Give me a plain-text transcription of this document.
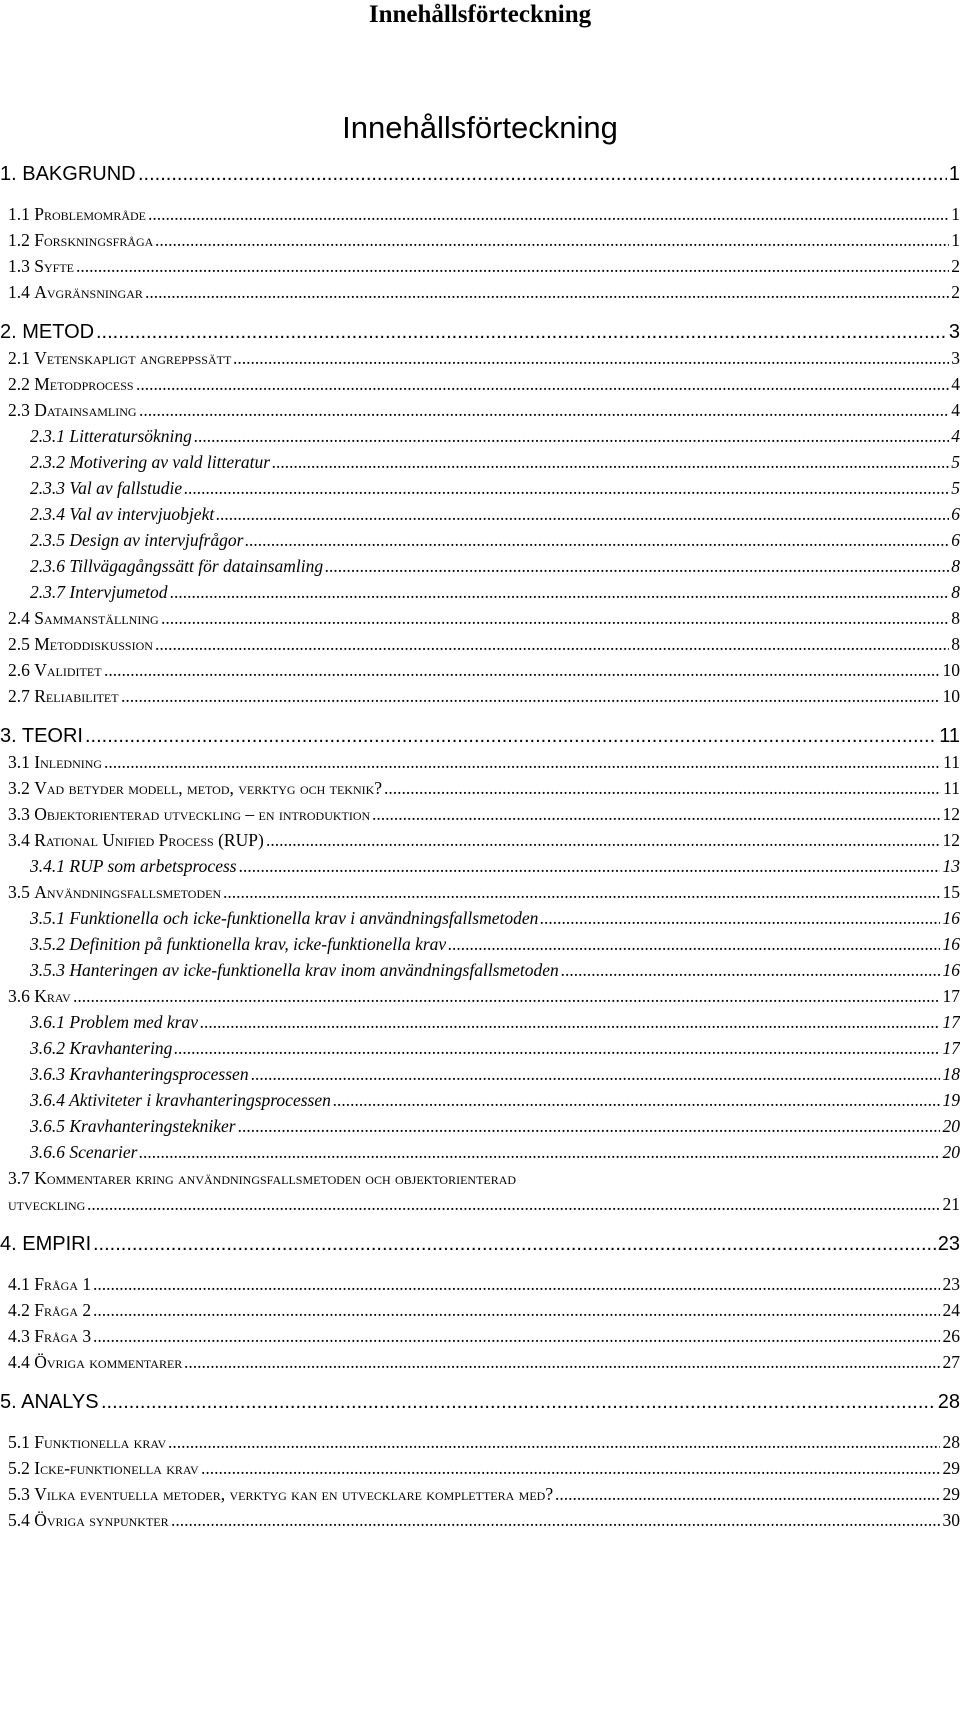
Innehållsförteckning
Innehållsförteckning
1. BAKGRUND .....	1
1.1 Problemområde .....	1
1.2 Forskningsfråga .....	1
1.3 Syfte .....	2
1.4 Avgränsningar .....	2
2. METOD .....	3
2.1 Vetenskapligt angreppssätt .....	3
2.2 Metodprocess .....	4
2.3 Datainsamling .....	4
2.3.1 Litteratursökning .....	4
2.3.2 Motivering av vald litteratur .....	5
2.3.3 Val av fallstudie .....	5
2.3.4 Val av intervjuobjekt .....	6
2.3.5 Design av intervjufrågor .....	6
2.3.6 Tillvägagångssätt för datainsamling .....	8
2.3.7 Intervjumetod .....	8
2.4 Sammanställning .....	8
2.5 Metoddiskussion .....	8
2.6 Validitet .....	10
2.7 Reliabilitet .....	10
3. TEORI .....	11
3.1 Inledning .....	11
3.2 Vad betyder modell, metod, verktyg och teknik? .....	11
3.3 Objektorienterad utveckling – en introduktion .....	12
3.4 Rational Unified Process (RUP) .....	12
3.4.1 RUP som arbetsprocess .....	13
3.5 Användningsfallsmetoden .....	15
3.5.1 Funktionella och icke-funktionella krav i användningsfallsmetoden .....	16
3.5.2 Definition på funktionella krav, icke-funktionella krav .....	16
3.5.3 Hanteringen av icke-funktionella krav inom användningsfallsmetoden .....	16
3.6 Krav .....	17
3.6.1 Problem med krav .....	17
3.6.2 Kravhantering .....	17
3.6.3 Kravhanteringsprocessen .....	18
3.6.4 Aktiviteter i kravhanteringsprocessen .....	19
3.6.5 Kravhanteringstekniker .....	20
3.6.6 Scenarier .....	20
3.7 Kommentarer kring användningsfallsmetoden och objektorienterad
utveckling .....	21
4. EMPIRI .....	23
4.1 Fråga 1 .....	23
4.2 Fråga 2 .....	24
4.3 Fråga 3 .....	26
4.4 Övriga kommentarer .....	27
5. ANALYS .....	28
5.1 Funktionella krav .....	28
5.2 Icke-funktionella krav .....	29
5.3 Vilka eventuella metoder, verktyg kan en utvecklare komplettera med? .....	29
5.4 Övriga synpunkter .....	30
